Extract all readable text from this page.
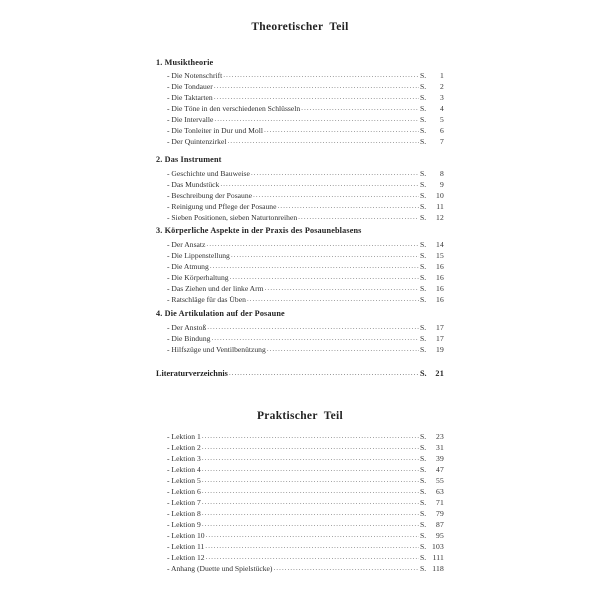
Theoretischer Teil
1. Musiktheorie
- Die Notenschrift .....	S.	1
- Die Tondauer .....	S.	2
- Die Taktarten .....	S.	3
- Die Töne in den verschiedenen Schlüsseln .....	S.	4
- Die Intervalle .....	S.	5
- Die Tonleiter in Dur und Moll .....	S.	6
- Der Quintenzirkel .....	S.	7
2. Das Instrument
- Geschichte und Bauweise .....	S.	8
- Das Mundstück .....	S.	9
- Beschreibung der Posaune .....	S.	10
- Reinigung und Pflege der Posaune .....	S.	11
- Sieben Positionen, sieben Naturtonreihen .....	S.	12
3. Körperliche Aspekte in der Praxis des Posauneblasens
- Der Ansatz .....	S.	14
- Die Lippenstellung .....	S.	15
- Die Atmung .....	S.	16
- Die Körperhaltung .....	S.	16
- Das Ziehen und der linke Arm .....	S.	16
- Ratschläge für das Üben .....	S.	16
4. Die Artikulation auf der Posaune
- Der Anstoß .....	S.	17
- Die Bindung .....	S.	17
- Hilfszüge und Ventilbenützung .....	S.	19
Literaturverzeichnis .....	S.	21
Praktischer Teil
- Lektion 1 .....	S.	23
- Lektion 2 .....	S.	31
- Lektion 3 .....	S.	39
- Lektion 4 .....	S.	47
- Lektion 5 .....	S.	55
- Lektion 6 .....	S.	63
- Lektion 7 .....	S.	71
- Lektion 8 .....	S.	79
- Lektion 9 .....	S.	87
- Lektion 10 .....	S.	95
- Lektion 11 .....	S. 103
- Lektion 12 .....	S. 111
- Anhang (Duette und Spielstücke) .....	S. 118
